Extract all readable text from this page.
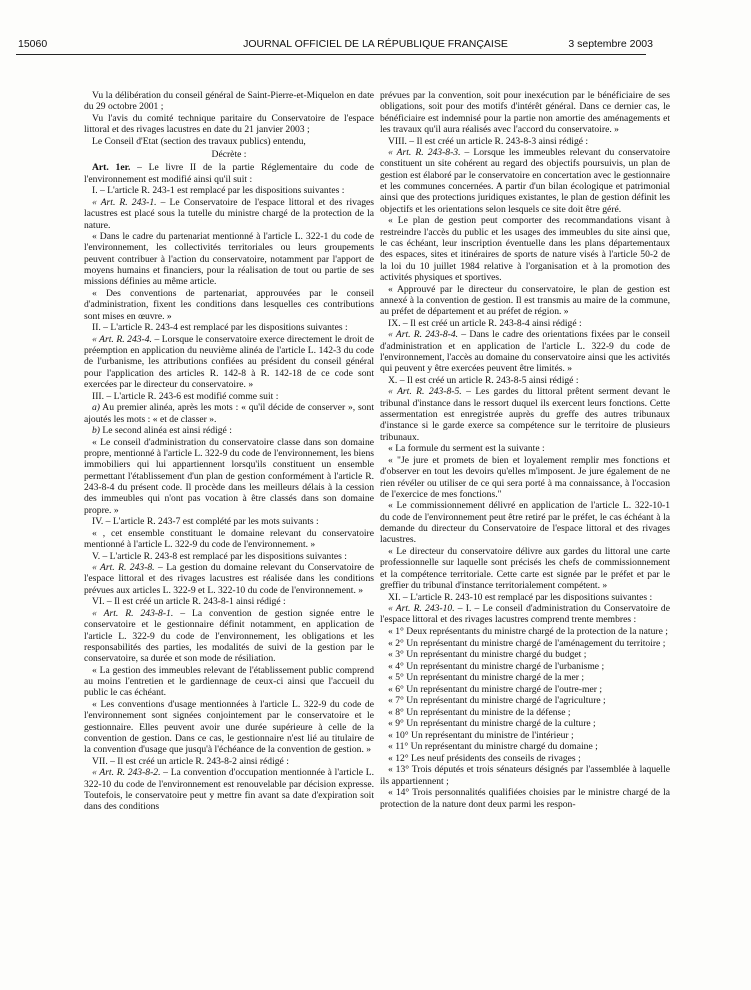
15060	JOURNAL OFFICIEL DE LA RÉPUBLIQUE FRANÇAISE	3 septembre 2003

Vu la délibération du conseil général de Saint-Pierre-et-Miquelon en date du 29 octobre 2001 ;

Vu l'avis du comité technique paritaire du Conservatoire de l'espace littoral et des rivages lacustres en date du 21 janvier 2003 ;

Le Conseil d'Etat (section des travaux publics) entendu,

Décrète :

Art. 1er. – Le livre II de la partie Réglementaire du code de l'environnement est modifié ainsi qu'il suit :

I. – L'article R. 243-1 est remplacé par les dispositions suivantes :

« Art. R. 243-1. – Le Conservatoire de l'espace littoral et des rivages lacustres est placé sous la tutelle du ministre chargé de la protection de la nature.

« Dans le cadre du partenariat mentionné à l'article L. 322-1 du code de l'environnement, les collectivités territoriales ou leurs groupements peuvent contribuer à l'action du conservatoire, notamment par l'apport de moyens humains et financiers, pour la réalisation de tout ou partie de ses missions définies au même article.

« Des conventions de partenariat, approuvées par le conseil d'administration, fixent les conditions dans lesquelles ces contributions sont mises en œuvre. »

II. – L'article R. 243-4 est remplacé par les dispositions suivantes :

« Art. R. 243-4. – Lorsque le conservatoire exerce directement le droit de préemption en application du neuvième alinéa de l'article L. 142-3 du code de l'urbanisme, les attributions confiées au président du conseil général pour l'application des articles R. 142-8 à R. 142-18 de ce code sont exercées par le directeur du conservatoire. »

III. – L'article R. 243-6 est modifié comme suit :

a) Au premier alinéa, après les mots : « qu'il décide de conserver », sont ajoutés les mots : « et de classer ».

b) Le second alinéa est ainsi rédigé :

« Le conseil d'administration du conservatoire classe dans son domaine propre, mentionné à l'article L. 322-9 du code de l'environnement, les biens immobiliers qui lui appartiennent lorsqu'ils constituent un ensemble permettant l'établissement d'un plan de gestion conformément à l'article R. 243-8-4 du présent code. Il procède dans les meilleurs délais à la cession des immeubles qui n'ont pas vocation à être classés dans son domaine propre. »

IV. – L'article R. 243-7 est complété par les mots suivants :

« , cet ensemble constituant le domaine relevant du conservatoire mentionné à l'article L. 322-9 du code de l'environnement. »

V. – L'article R. 243-8 est remplacé par les dispositions suivantes :

« Art. R. 243-8. – La gestion du domaine relevant du Conservatoire de l'espace littoral et des rivages lacustres est réalisée dans les conditions prévues aux articles L. 322-9 et L. 322-10 du code de l'environnement. »

VI. – Il est créé un article R. 243-8-1 ainsi rédigé :

« Art. R. 243-8-1. – La convention de gestion signée entre le conservatoire et le gestionnaire définit notamment, en application de l'article L. 322-9 du code de l'environnement, les obligations et les responsabilités des parties, les modalités de suivi de la gestion par le conservatoire, sa durée et son mode de résiliation.

« La gestion des immeubles relevant de l'établissement public comprend au moins l'entretien et le gardiennage de ceux-ci ainsi que l'accueil du public le cas échéant.

« Les conventions d'usage mentionnées à l'article L. 322-9 du code de l'environnement sont signées conjointement par le conservatoire et le gestionnaire. Elles peuvent avoir une durée supérieure à celle de la convention de gestion. Dans ce cas, le gestionnaire n'est lié au titulaire de la convention d'usage que jusqu'à l'échéance de la convention de gestion. »

VII. – Il est créé un article R. 243-8-2 ainsi rédigé :

« Art. R. 243-8-2. – La convention d'occupation mentionnée à l'article L. 322-10 du code de l'environnement est renouvelable par décision expresse. Toutefois, le conservatoire peut y mettre fin avant sa date d'expiration soit dans des conditions

prévues par la convention, soit pour inexécution par le bénéficiaire de ses obligations, soit pour des motifs d'intérêt général. Dans ce dernier cas, le bénéficiaire est indemnisé pour la partie non amortie des aménagements et les travaux qu'il aura réalisés avec l'accord du conservatoire. »

VIII. – Il est créé un article R. 243-8-3 ainsi rédigé :

« Art. R. 243-8-3. – Lorsque les immeubles relevant du conservatoire constituent un site cohérent au regard des objectifs poursuivis, un plan de gestion est élaboré par le conservatoire en concertation avec le gestionnaire et les communes concernées. A partir d'un bilan écologique et patrimonial ainsi que des protections juridiques existantes, le plan de gestion définit les objectifs et les orientations selon lesquels ce site doit être géré.

« Le plan de gestion peut comporter des recommandations visant à restreindre l'accès du public et les usages des immeubles du site ainsi que, le cas échéant, leur inscription éventuelle dans les plans départementaux des espaces, sites et itinéraires de sports de nature visés à l'article 50-2 de la loi du 10 juillet 1984 relative à l'organisation et à la promotion des activités physiques et sportives.

« Approuvé par le directeur du conservatoire, le plan de gestion est annexé à la convention de gestion. Il est transmis au maire de la commune, au préfet de département et au préfet de région. »

IX. – Il est créé un article R. 243-8-4 ainsi rédigé :

« Art. R. 243-8-4. – Dans le cadre des orientations fixées par le conseil d'administration et en application de l'article L. 322-9 du code de l'environnement, l'accès au domaine du conservatoire ainsi que les activités qui peuvent y être exercées peuvent être limités. »

X. – Il est créé un article R. 243-8-5 ainsi rédigé :

« Art. R. 243-8-5. – Les gardes du littoral prêtent serment devant le tribunal d'instance dans le ressort duquel ils exercent leurs fonctions. Cette assermentation est enregistrée auprès du greffe des autres tribunaux d'instance si le garde exerce sa compétence sur le territoire de plusieurs tribunaux.

« La formule du serment est la suivante :

« "Je jure et promets de bien et loyalement remplir mes fonctions et d'observer en tout les devoirs qu'elles m'imposent. Je jure également de ne rien révéler ou utiliser de ce qui sera porté à ma connaissance, à l'occasion de l'exercice de mes fonctions."

« Le commissionnement délivré en application de l'article L. 322-10-1 du code de l'environnement peut être retiré par le préfet, le cas échéant à la demande du directeur du Conservatoire de l'espace littoral et des rivages lacustres.

« Le directeur du conservatoire délivre aux gardes du littoral une carte professionnelle sur laquelle sont précisés les chefs de commissionnement et la compétence territoriale. Cette carte est signée par le préfet et par le greffier du tribunal d'instance territorialement compétent. »

XI. – L'article R. 243-10 est remplacé par les dispositions suivantes :

« Art. R. 243-10. – I. – Le conseil d'administration du Conservatoire de l'espace littoral et des rivages lacustres comprend trente membres :

« 1° Deux représentants du ministre chargé de la protection de la nature ;

« 2° Un représentant du ministre chargé de l'aménagement du territoire ;

« 3° Un représentant du ministre chargé du budget ;

« 4° Un représentant du ministre chargé de l'urbanisme ;

« 5° Un représentant du ministre chargé de la mer ;

« 6° Un représentant du ministre chargé de l'outre-mer ;

« 7° Un représentant du ministre chargé de l'agriculture ;

« 8° Un représentant du ministre de la défense ;

« 9° Un représentant du ministre chargé de la culture ;

« 10° Un représentant du ministre de l'intérieur ;

« 11° Un représentant du ministre chargé du domaine ;

« 12° Les neuf présidents des conseils de rivages ;

« 13° Trois députés et trois sénateurs désignés par l'assemblée à laquelle ils appartiennent ;

« 14° Trois personnalités qualifiées choisies par le ministre chargé de la protection de la nature dont deux parmi les respon-
